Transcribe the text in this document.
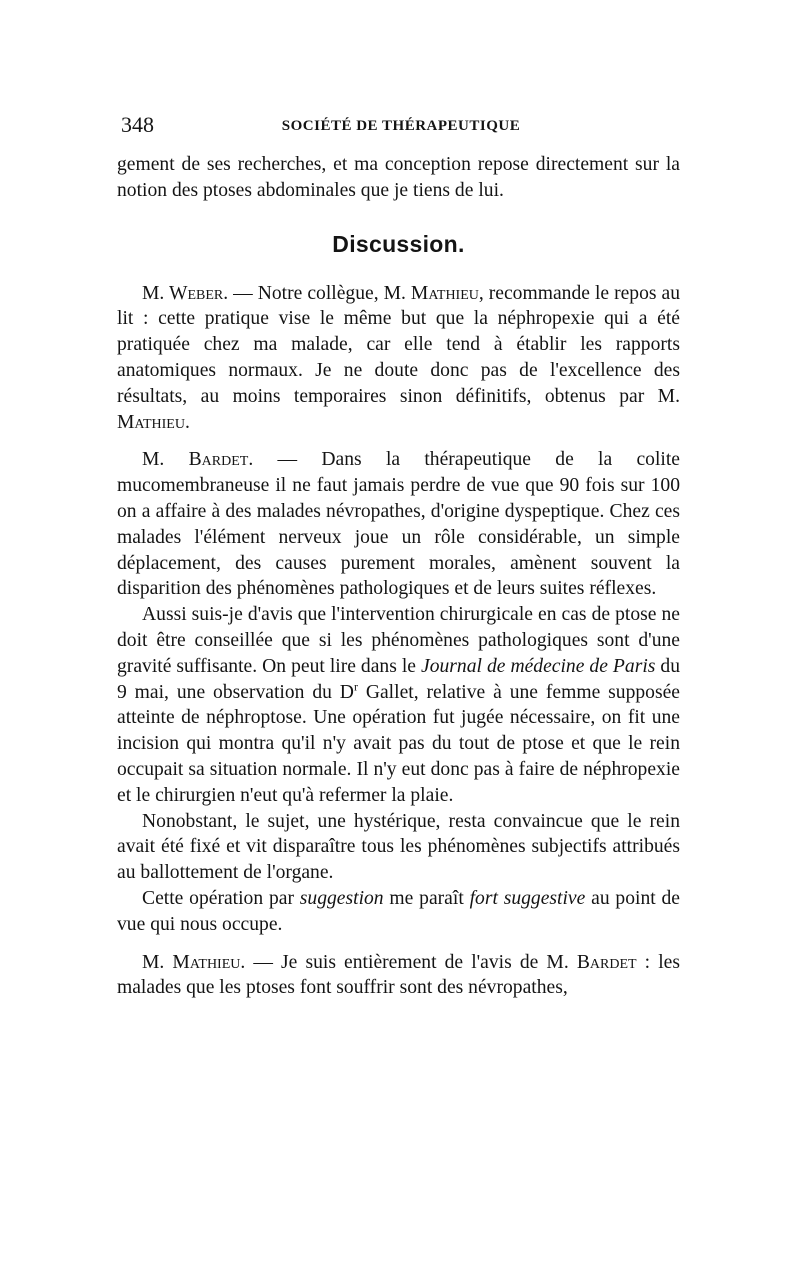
348	SOCIÉTÉ DE THÉRAPEUTIQUE

gement de ses recherches, et ma conception repose directement sur la notion des ptoses abdominales que je tiens de lui.

Discussion.

M. Weber. — Notre collègue, M. Mathieu, recommande le repos au lit : cette pratique vise le même but que la néphropexie qui a été pratiquée chez ma malade, car elle tend à établir les rapports anatomiques normaux. Je ne doute donc pas de l'excellence des résultats, au moins temporaires sinon définitifs, obtenus par M. Mathieu.

M. Bardet. — Dans la thérapeutique de la colite mucomembraneuse il ne faut jamais perdre de vue que 90 fois sur 100 on a affaire à des malades névropathes, d'origine dyspeptique. Chez ces malades l'élément nerveux joue un rôle considérable, un simple déplacement, des causes purement morales, amènent souvent la disparition des phénomènes pathologiques et de leurs suites réflexes.

Aussi suis-je d'avis que l'intervention chirurgicale en cas de ptose ne doit être conseillée que si les phénomènes pathologiques sont d'une gravité suffisante. On peut lire dans le Journal de médecine de Paris du 9 mai, une observation du $D^r$ Gallet, relative à une femme supposée atteinte de néphroptose. Une opération fut jugée nécessaire, on fit une incision qui montra qu'il n'y avait pas du tout de ptose et que le rein occupait sa situation normale. Il n'y eut donc pas à faire de néphropexie et le chirurgien n'eut qu'à refermer la plaie.

Nonobstant, le sujet, une hystérique, resta convaincue que le rein avait été fixé et vit disparaître tous les phénomènes subjectifs attribués au ballottement de l'organe.

Cette opération par suggestion me paraît fort suggestive au point de vue qui nous occupe.

M. Mathieu. — Je suis entièrement de l'avis de M. Bardet : les malades que les ptoses font souffrir sont des névropathes,
